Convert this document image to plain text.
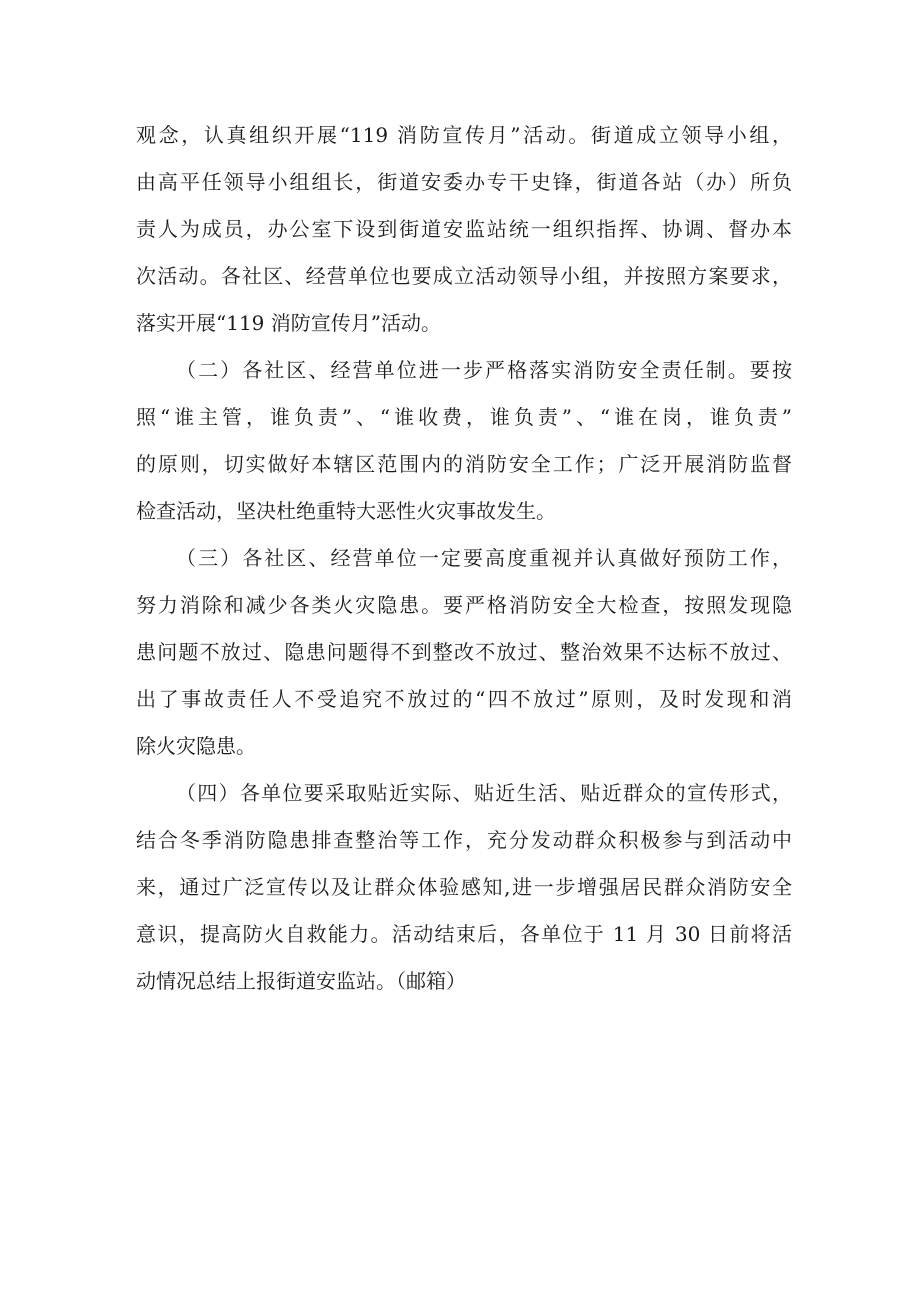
观念，认真组织开展“119 消防宣传月”活动。街道成立领导小组，
由高平任领导小组组长，街道安委办专干史锋，街道各站（办）所负
责人为成员，办公室下设到街道安监站统一组织指挥、协调、督办本
次活动。各社区、经营单位也要成立活动领导小组，并按照方案要求，
落实开展“119 消防宣传月”活动。
（二）各社区、经营单位进一步严格落实消防安全责任制。要按
照“谁主管，谁负责”、“谁收费，谁负责”、“谁在岗，谁负责”
的原则，切实做好本辖区范围内的消防安全工作；广泛开展消防监督
检查活动，坚决杜绝重特大恶性火灾事故发生。
（三）各社区、经营单位一定要高度重视并认真做好预防工作，
努力消除和减少各类火灾隐患。要严格消防安全大检查，按照发现隐
患问题不放过、隐患问题得不到整改不放过、整治效果不达标不放过、
出了事故责任人不受追究不放过的“四不放过”原则，及时发现和消
除火灾隐患。
（四）各单位要采取贴近实际、贴近生活、贴近群众的宣传形式，
结合冬季消防隐患排查整治等工作，充分发动群众积极参与到活动中
来，通过广泛宣传以及让群众体验感知,进一步增强居民群众消防安全
意识，提高防火自救能力。活动结束后，各单位于 11 月 30 日前将活
动情况总结上报街道安监站。（邮箱）
